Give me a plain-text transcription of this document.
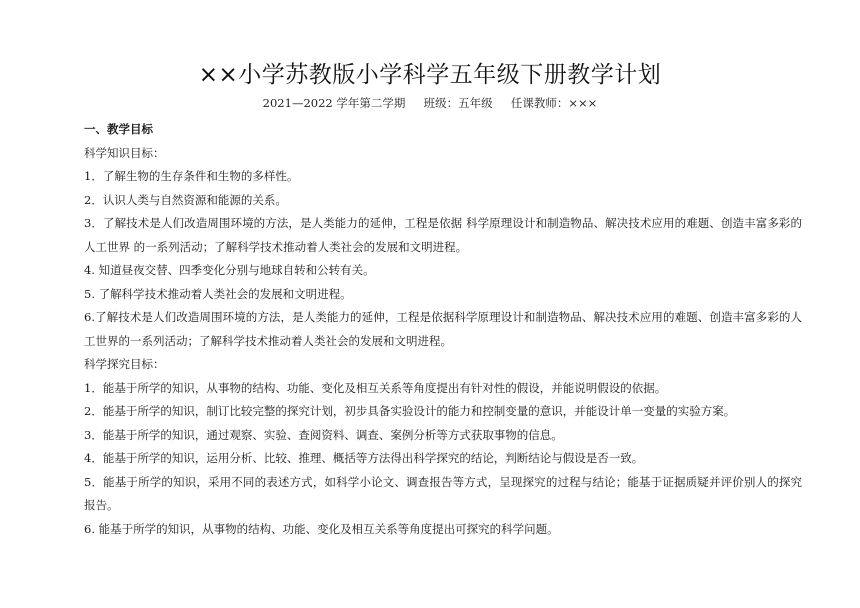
××小学苏教版小学科学五年级下册教学计划
2021—2022 学年第二学期     班级：五年级     任课教师：×××
一、教学目标

科学知识目标：

1．了解生物的生存条件和生物的多样性。

2．认识人类与自然资源和能源的关系。

3．了解技术是人们改造周围环境的方法，是人类能力的延伸，工程是依据 科学原理设计和制造物品、解决技术应用的难题、创造丰富多彩的人工世界 的一系列活动；了解科学技术推动着人类社会的发展和文明进程。

4. 知道昼夜交替、四季变化分别与地球自转和公转有关。

5. 了解科学技术推动着人类社会的发展和文明进程。

6.了解技术是人们改造周围环境的方法，是人类能力的延伸，工程是依据科学原理设计和制造物品、解决技术应用的难题、创造丰富多彩的人工世界的一系列活动；了解科学技术推动着人类社会的发展和文明进程。

科学探究目标：

1．能基于所学的知识，从事物的结构、功能、变化及相互关系等角度提出有针对性的假设，并能说明假设的依据。

2．能基于所学的知识，制订比较完整的探究计划，初步具备实验设计的能力和控制变量的意识，并能设计单一变量的实验方案。

3．能基于所学的知识，通过观察、实验、查阅资料、调查、案例分析等方式获取事物的信息。

4．能基于所学的知识，运用分析、比较、推理、概括等方法得出科学探究的结论，判断结论与假设是否一致。

5．能基于所学的知识，采用不同的表述方式，如科学小论文、调查报告等方式，呈现探究的过程与结论；能基于证据质疑并评价别人的探究报告。

6. 能基于所学的知识，从事物的结构、功能、变化及相互关系等角度提出可探究的科学问题。
